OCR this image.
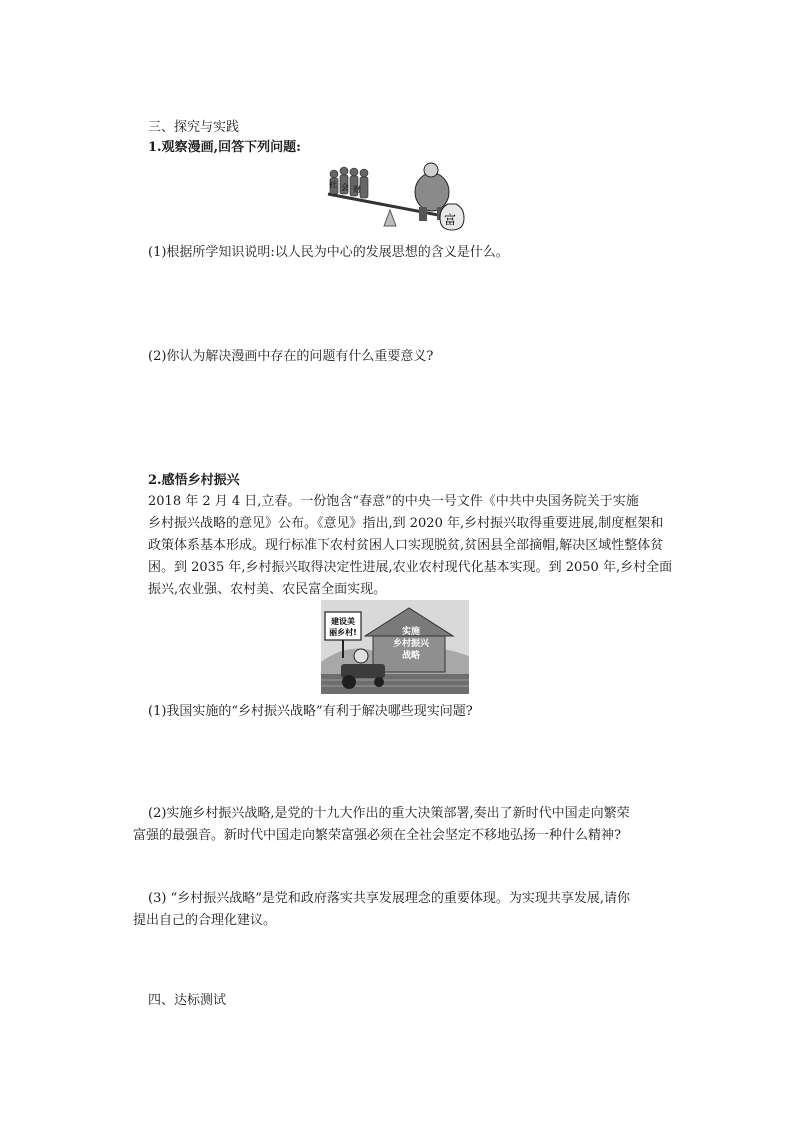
三、探究与实践
1.观察漫画,回答下列问题:
社 会 财
富
(1)根据所学知识说明:以人民为中心的发展思想的含义是什么。
(2)你认为解决漫画中存在的问题有什么重要意义?
2.感悟乡村振兴
2018 年 2 月 4 日,立春。一份饱含“春意”的中央一号文件《中共中央国务院关于实施
乡村振兴战略的意见》公布。《意见》指出,到 2020 年,乡村振兴取得重要进展,制度框架和
政策体系基本形成。现行标准下农村贫困人口实现脱贫,贫困县全部摘帽,解决区域性整体贫
困。到 2035 年,乡村振兴取得决定性进展,农业农村现代化基本实现。到 2050 年,乡村全面
振兴,农业强、农村美、农民富全面实现。
实施
乡村振兴
战略
建设美
丽乡村!
(1)我国实施的“乡村振兴战略”有利于解决哪些现实问题?
(2)实施乡村振兴战略,是党的十九大作出的重大决策部署,奏出了新时代中国走向繁荣
富强的最强音。新时代中国走向繁荣富强必须在全社会坚定不移地弘扬一种什么精神?
(3) “乡村振兴战略”是党和政府落实共享发展理念的重要体现。为实现共享发展,请你
提出自己的合理化建议。
四、达标测试
